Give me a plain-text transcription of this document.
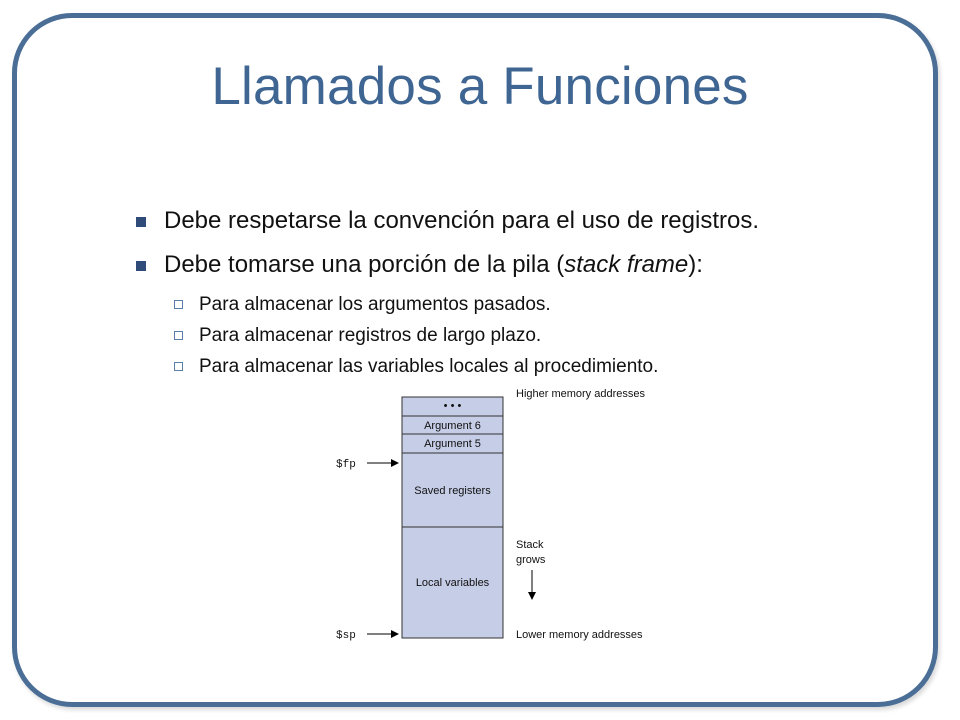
Llamados a Funciones
Debe respetarse la convención para el uso de registros.
Debe tomarse una porción de la pila (stack frame):
Para almacenar los argumentos pasados.
Para almacenar registros de largo plazo.
Para almacenar las variables locales al procedimiento.
• • •
Argument 6
Argument 5
Saved registers
Local variables
$fp
$sp
Higher memory addresses
Stack
grows
Lower memory addresses
